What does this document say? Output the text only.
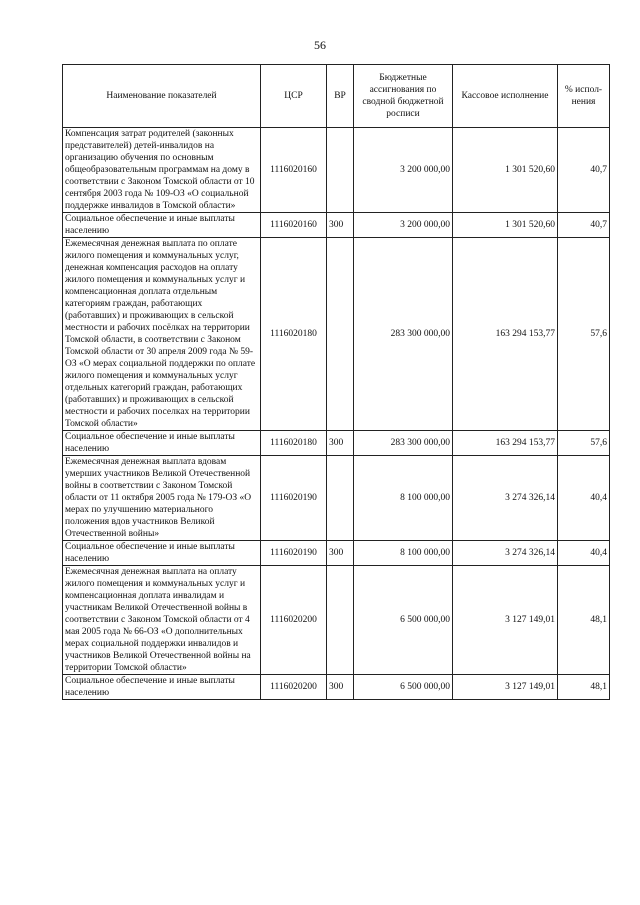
56
Наименование показателей	ЦСР	ВР	Бюджетные ассигнования по сводной бюджетной росписи	Кассовое исполнение	% испол-нения
Компенсация затрат родителей (законных представителей) детей-инвалидов на организацию обучения по основным общеобразовательным программам на дому в соответствии с Законом Томской области от 10 сентября 2003 года № 109-ОЗ «О социальной поддержке инвалидов в Томской области»	1116020160		3 200 000,00	1 301 520,60	40,7
Социальное обеспечение и иные выплаты населению	1116020160	300	3 200 000,00	1 301 520,60	40,7
Ежемесячная денежная выплата по оплате жилого помещения и коммунальных услуг, денежная компенсация расходов на оплату жилого помещения и коммунальных услуг и компенсационная доплата отдельным категориям граждан, работающих (работавших) и проживающих в сельской местности и рабочих посёлках на территории Томской области, в соответствии с Законом Томской области от 30 апреля 2009 года № 59-ОЗ «О мерах социальной поддержки по оплате жилого помещения и коммунальных услуг отдельных категорий граждан, работающих (работавших) и проживающих в сельской местности и рабочих поселках на территории Томской области»	1116020180		283 300 000,00	163 294 153,77	57,6
Социальное обеспечение и иные выплаты населению	1116020180	300	283 300 000,00	163 294 153,77	57,6
Ежемесячная денежная выплата вдовам умерших участников Великой Отечественной войны в соответствии с Законом Томской области от 11 октября 2005 года № 179-ОЗ «О мерах по улучшению материального положения вдов участников Великой Отечественной войны»	1116020190		8 100 000,00	3 274 326,14	40,4
Социальное обеспечение и иные выплаты населению	1116020190	300	8 100 000,00	3 274 326,14	40,4
Ежемесячная денежная выплата на оплату жилого помещения и коммунальных услуг и компенсационная доплата инвалидам и участникам Великой Отечественной войны в соответствии с Законом Томской области от 4 мая 2005 года № 66-ОЗ «О дополнительных мерах социальной поддержки инвалидов и участников Великой Отечественной войны на территории Томской области»	1116020200		6 500 000,00	3 127 149,01	48,1
Социальное обеспечение и иные выплаты населению	1116020200	300	6 500 000,00	3 127 149,01	48,1
